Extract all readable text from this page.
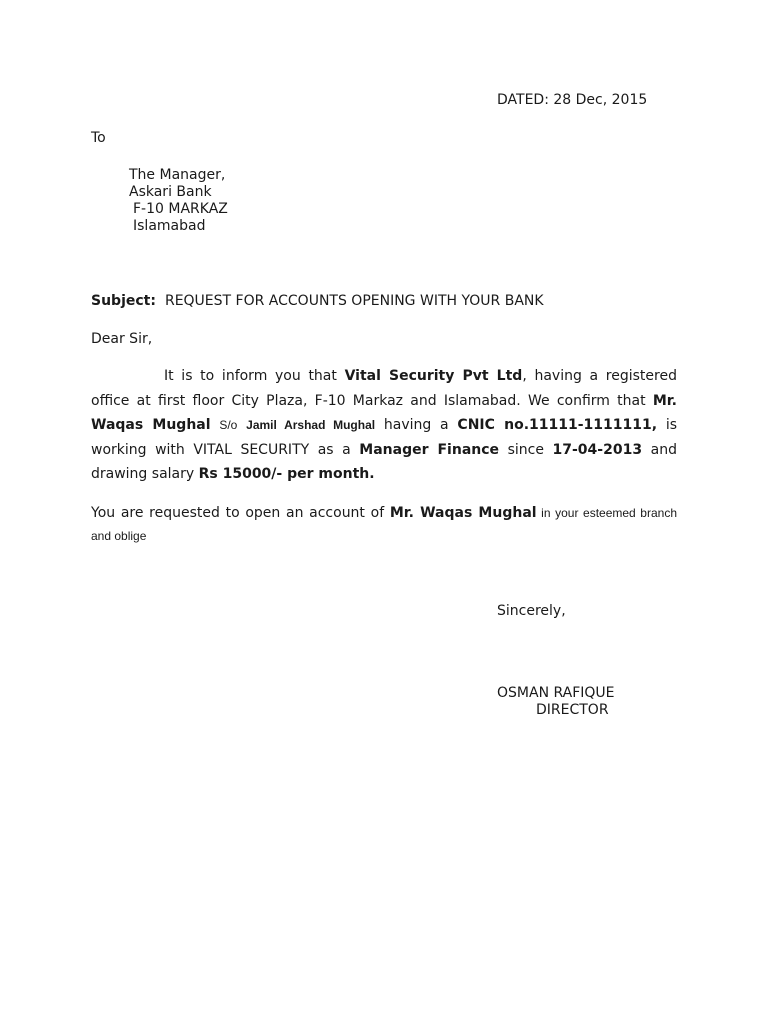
DATED: 28 Dec, 2015
To
The Manager,
Askari Bank
F-10 MARKAZ
Islamabad
Subject: REQUEST FOR ACCOUNTS OPENING WITH YOUR BANK
Dear Sir,
It is to inform you that Vital Security Pvt Ltd, having a registered office at first floor City Plaza, F-10 Markaz and Islamabad. We confirm that Mr. Waqas Mughal S/o Jamil Arshad Mughal having a CNIC no.11111-1111111, is working with VITAL SECURITY as a Manager Finance since 17-04-2013 and drawing salary Rs 15000/- per month.
You are requested to open an account of Mr. Waqas Mughal in your esteemed branch and oblige
Sincerely,
OSMAN RAFIQUE
DIRECTOR
